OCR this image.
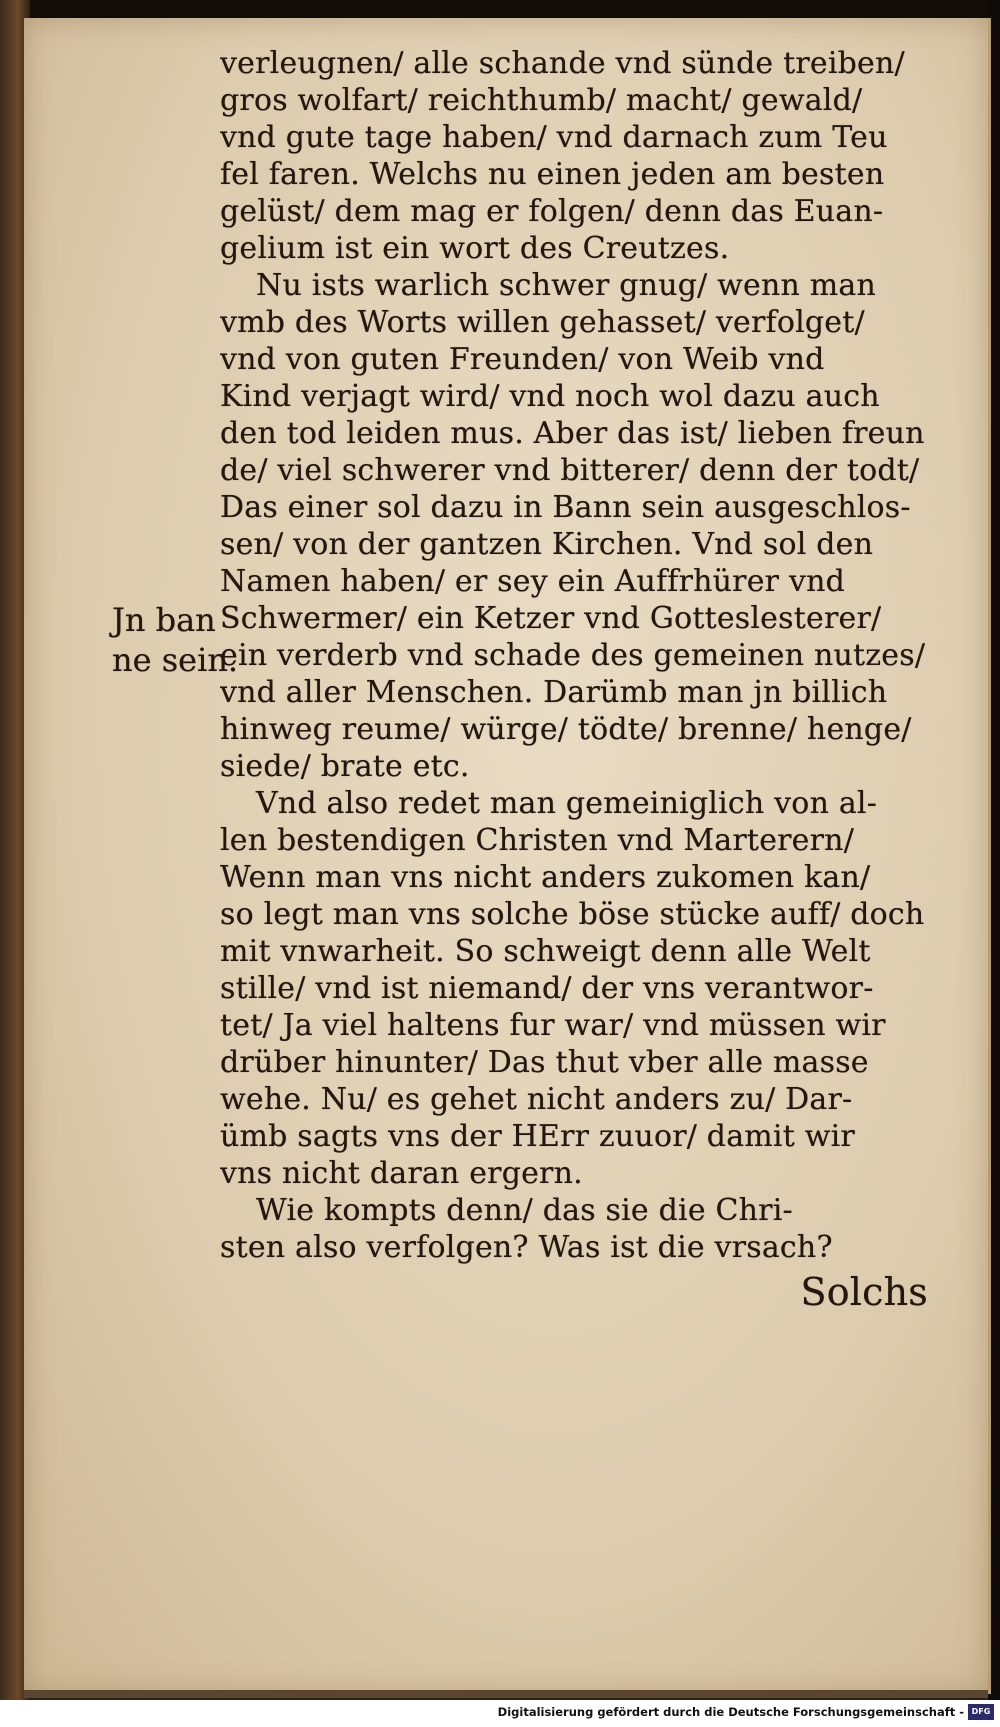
verleugnen/ alle schande vnd sünde treiben/
gros wolfart/ reichthumb/ macht/ gewald/
vnd gute tage haben/ vnd darnach zum Teu
fel faren. Welchs nu einen jeden am besten
gelüst/ dem mag er folgen/ denn das Euan-
gelium ist ein wort des Creutzes.
Nu ists warlich schwer gnug/ wenn man
vmb des Worts willen gehasset/ verfolget/
vnd von guten Freunden/ von Weib vnd
Kind verjagt wird/ vnd noch wol dazu auch
den tod leiden mus. Aber das ist/ lieben freun
de/ viel schwerer vnd bitterer/ denn der todt/
Das einer sol dazu in Bann sein ausgeschlos-
sen/ von der gantzen Kirchen. Vnd sol den
Namen haben/ er sey ein Auffrhürer vnd
Schwermer/ ein Ketzer vnd Gotteslesterer/
ein verderb vnd schade des gemeinen nutzes/
vnd aller Menschen. Darümb man jn billich
hinweg reume/ würge/ tödte/ brenne/ henge/
siede/ brate etc.
Vnd also redet man gemeiniglich von al-
len bestendigen Christen vnd Marterern/
Wenn man vns nicht anders zukomen kan/
so legt man vns solche böse stücke auff/ doch
mit vnwarheit. So schweigt denn alle Welt
stille/ vnd ist niemand/ der vns verantwor-
tet/ Ja viel haltens fur war/ vnd müssen wir
drüber hinunter/ Das thut vber alle masse
wehe. Nu/ es gehet nicht anders zu/ Dar-
ümb sagts vns der HErr zuuor/ damit wir
vns nicht daran ergern.
Wie kompts denn/ das sie die Chri-
sten also verfolgen? Was ist die vrsach?
Solchs
Jn ban
ne sein.
Digitalisierung gefördert durch die Deutsche Forschungsgemeinschaft - DFG
